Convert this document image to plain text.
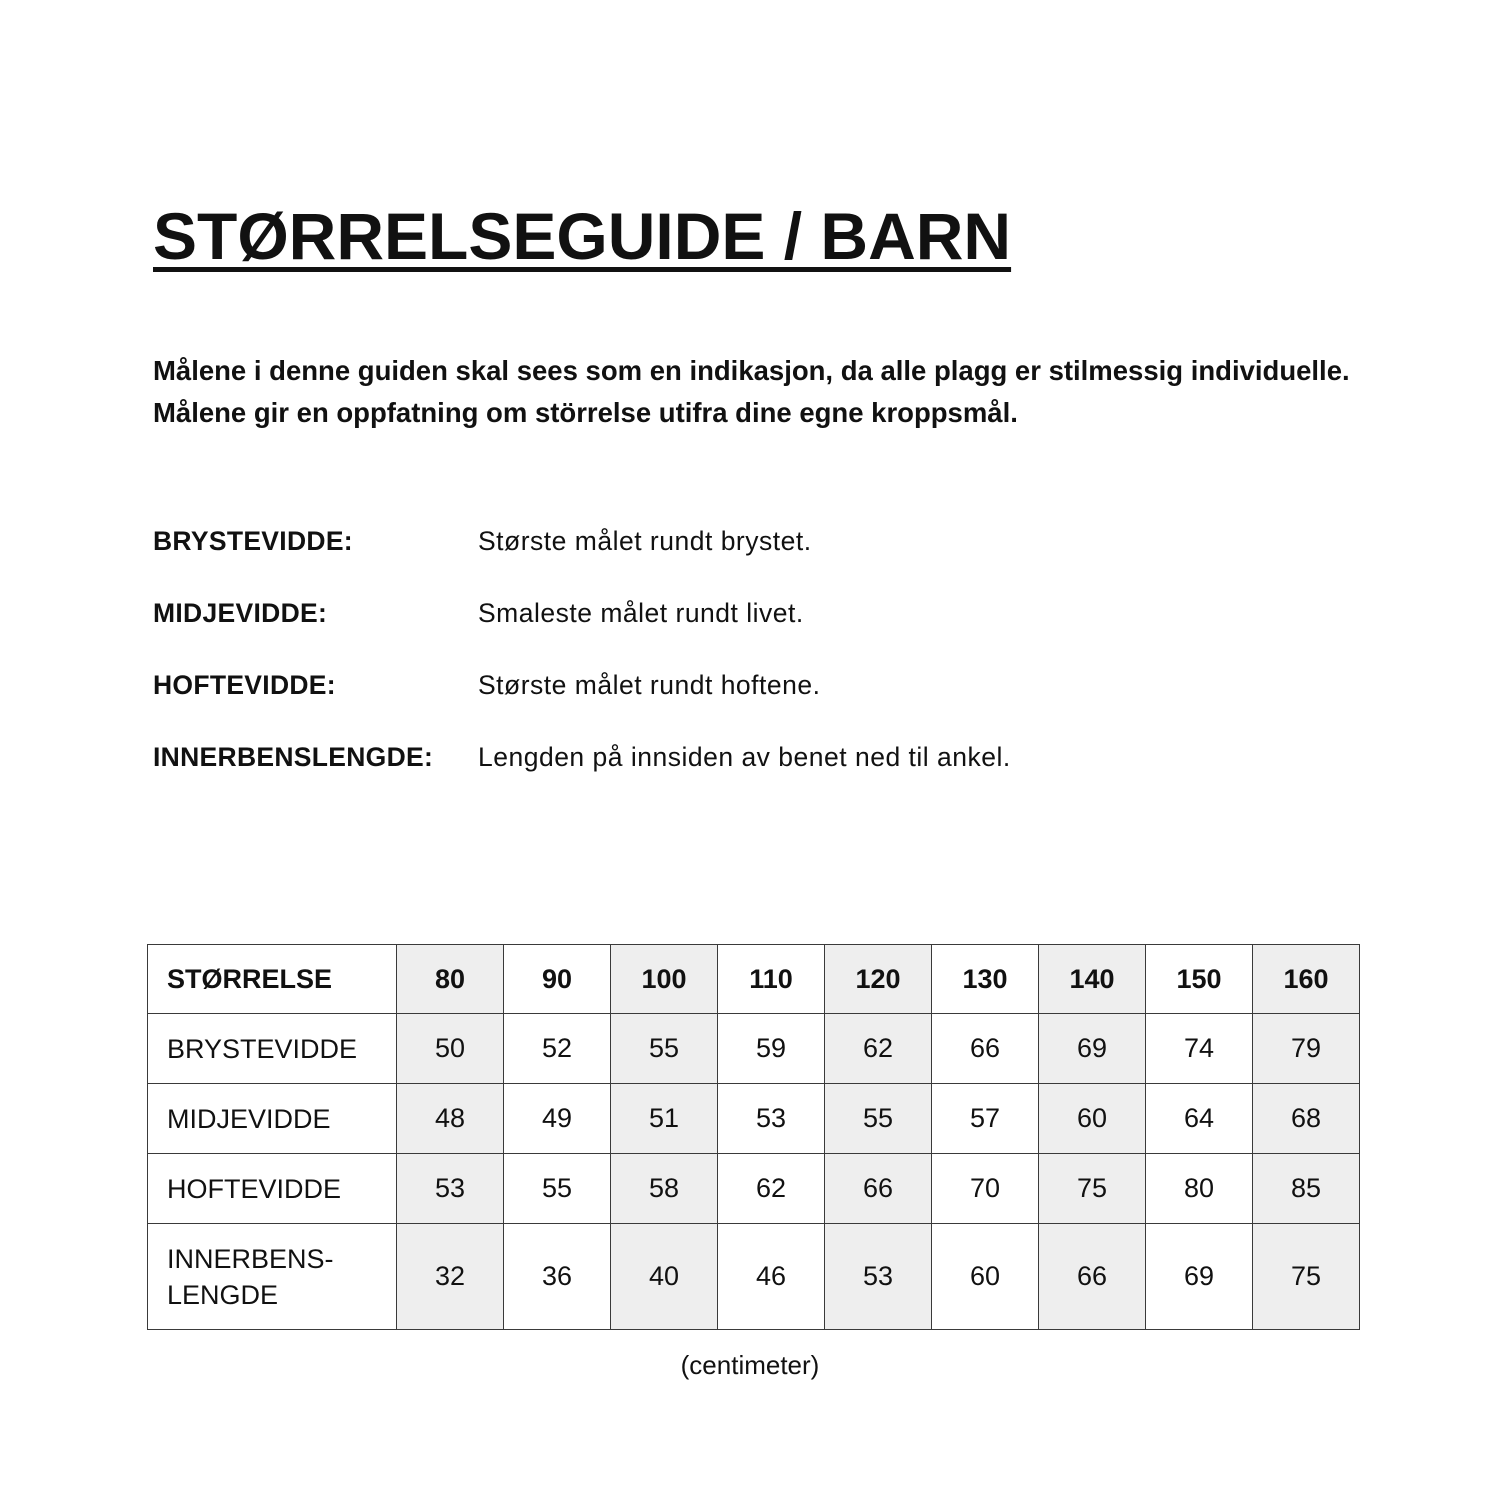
STØRRELSEGUIDE / BARN

Målene i denne guiden skal sees som en indikasjon, da alle plagg er stilmessig individuelle. Målene gir en oppfatning om störrelse utifra dine egne kroppsmål.

BRYSTEVIDDE:	Største målet rundt brystet.
MIDJEVIDDE:	Smaleste målet rundt livet.
HOFTEVIDDE:	Største målet rundt hoftene.
INNERBENSLENGDE:	Lengden på innsiden av benet ned til ankel.
STØRRELSE	80	90	100	110	120	130	140	150	160
BRYSTEVIDDE	50	52	55	59	62	66	69	74	79
MIDJEVIDDE	48	49	51	53	55	57	60	64	68
HOFTEVIDDE	53	55	58	62	66	70	75	80	85
INNERBENS-
LENGDE	32	36	40	46	53	60	66	69	75

(centimeter)
